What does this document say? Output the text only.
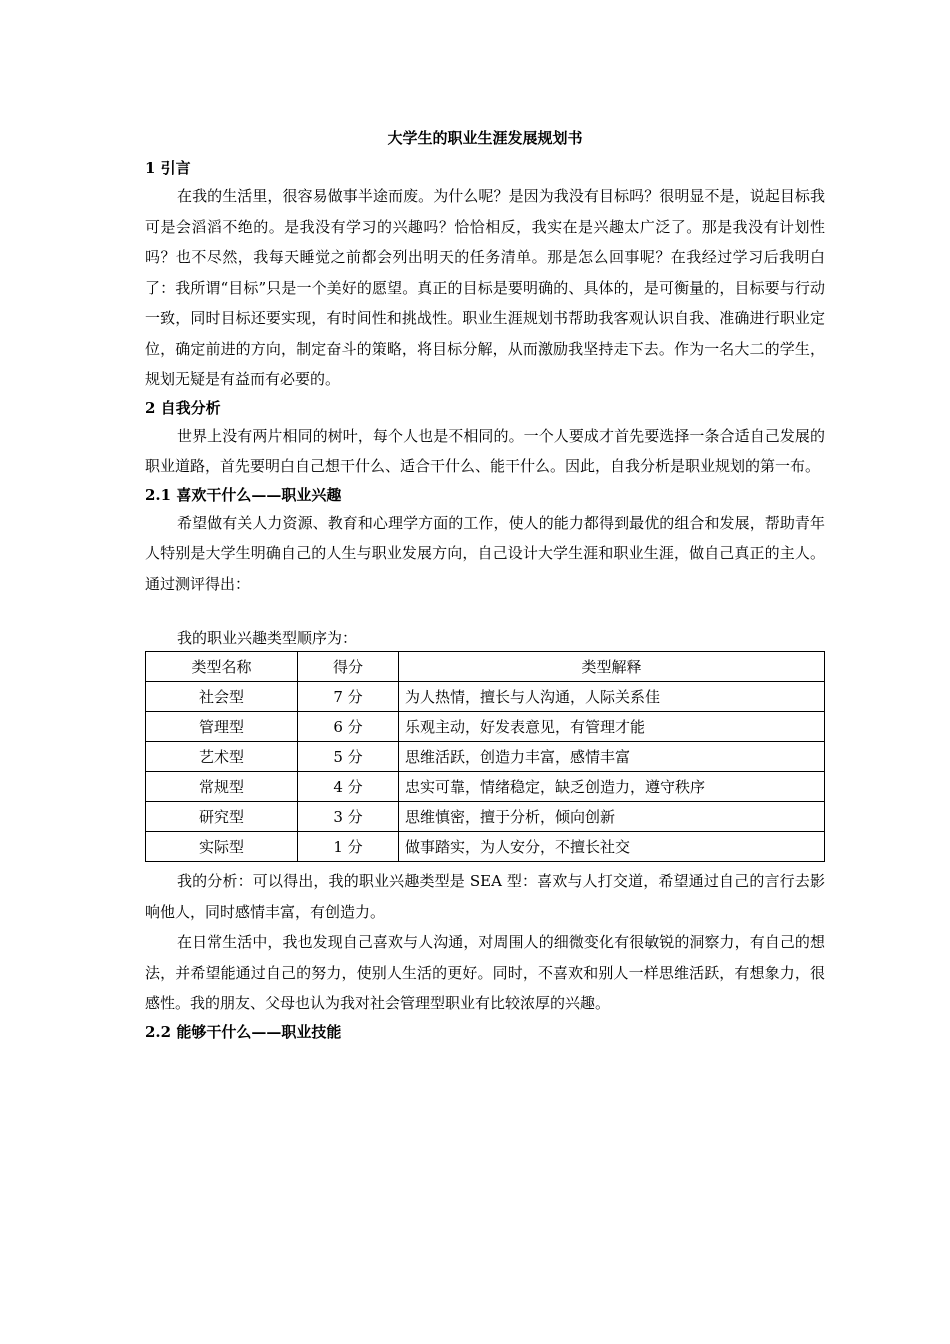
大学生的职业生涯发展规划书
1 引言

在我的生活里，很容易做事半途而废。为什么呢？是因为我没有目标吗？很明显不是，说起目标我可是会滔滔不绝的。是我没有学习的兴趣吗？恰恰相反，我实在是兴趣太广泛了。那是我没有计划性吗？也不尽然，我每天睡觉之前都会列出明天的任务清单。那是怎么回事呢？在我经过学习后我明白了：我所谓“目标”只是一个美好的愿望。真正的目标是要明确的、具体的，是可衡量的，目标要与行动一致，同时目标还要实现，有时间性和挑战性。职业生涯规划书帮助我客观认识自我、准确进行职业定位，确定前进的方向，制定奋斗的策略，将目标分解，从而激励我坚持走下去。作为一名大二的学生，规划无疑是有益而有必要的。

2 自我分析

世界上没有两片相同的树叶，每个人也是不相同的。一个人要成才首先要选择一条合适自己发展的职业道路，首先要明白自己想干什么、适合干什么、能干什么。因此，自我分析是职业规划的第一布。

2.1 喜欢干什么——职业兴趣

希望做有关人力资源、教育和心理学方面的工作，使人的能力都得到最优的组合和发展，帮助青年人特别是大学生明确自己的人生与职业发展方向，自己设计大学生涯和职业生涯，做自己真正的主人。通过测评得出：

我的职业兴趣类型顺序为：
类型名称	得分	类型解释
社会型	7 分	为人热情，擅长与人沟通，人际关系佳
管理型	6 分	乐观主动，好发表意见，有管理才能
艺术型	5 分	思维活跃，创造力丰富，感情丰富
常规型	4 分	忠实可靠，情绪稳定，缺乏创造力，遵守秩序
研究型	3 分	思维慎密，擅于分析，倾向创新
实际型	1 分	做事踏实，为人安分，不擅长社交

我的分析：可以得出，我的职业兴趣类型是 SEA 型：喜欢与人打交道，希望通过自己的言行去影响他人，同时感情丰富，有创造力。

在日常生活中，我也发现自己喜欢与人沟通，对周围人的细微变化有很敏锐的洞察力，有自己的想法，并希望能通过自己的努力，使别人生活的更好。同时，不喜欢和别人一样思维活跃，有想象力，很感性。我的朋友、父母也认为我对社会管理型职业有比较浓厚的兴趣。

2.2 能够干什么——职业技能
